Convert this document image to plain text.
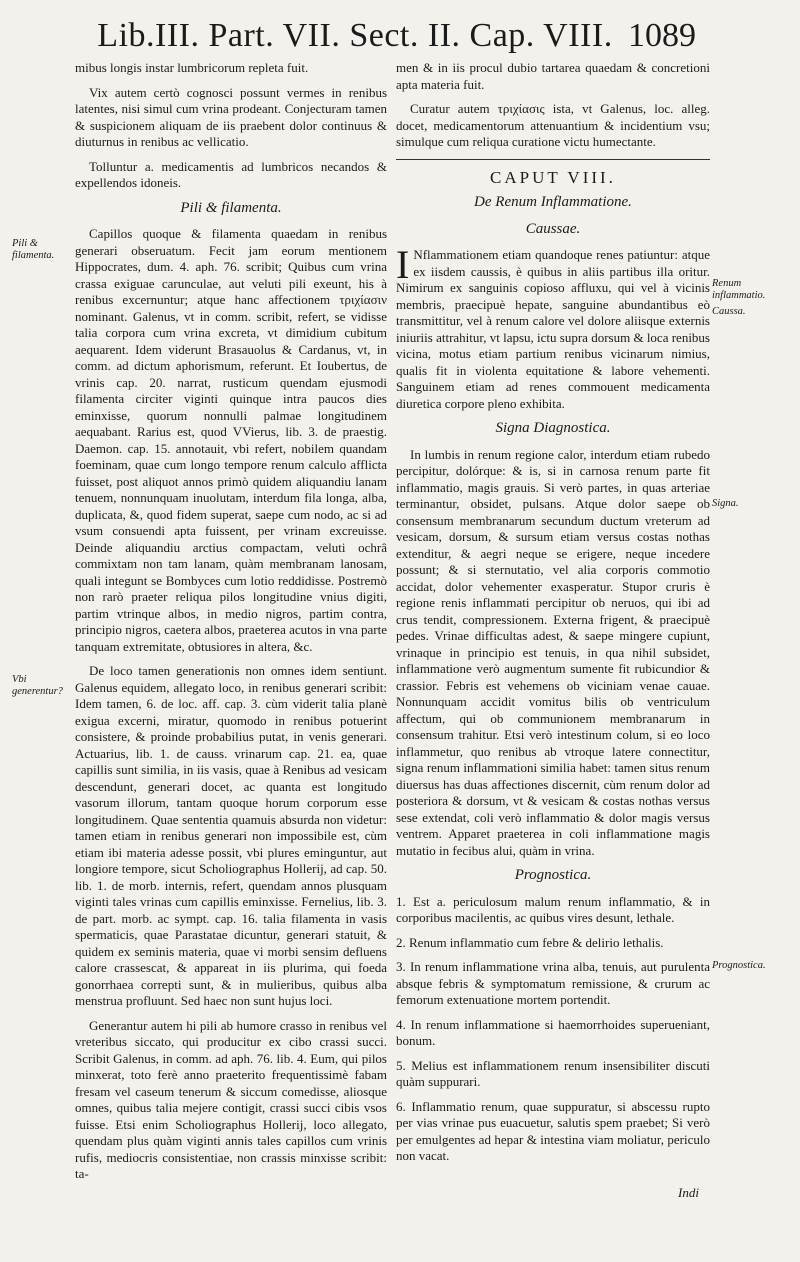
Lib.III. Part. VII. Sect. II. Cap. VIII. 1089

mibus longis instar lumbricorum repleta fuit.

Vix autem certò cognosci possunt vermes in renibus latentes, nisi simul cum vrina prodeant. Conjecturam tamen & suspicionem aliquam de iis praebent dolor continuus & diuturnus in renibus ac vellicatio.

Tolluntur a. medicamentis ad lumbricos necandos & expellendos idoneis.

Pili & filamenta.

Capillos quoque & filamenta quaedam in renibus generari obseruatum. Fecit jam eorum mentionem Hippocrates, dum. 4. aph. 76. scribit; Quibus cum vrina crassa exiguae carunculae, aut veluti pili exeunt, his à renibus excernuntur; atque hanc affectionem τριχίασιν nominant. Galenus, vt in comm. scribit, refert, se vidisse talia corpora cum vrina excreta, vt dimidium cubitum aequarent. Idem viderunt Brasauolus & Cardanus, vt, in comm. ad dictum aphorismum, referunt. Et Ioubertus, de vrinis cap. 20. narrat, rusticum quendam ejusmodi filamenta circiter viginti quinque intra paucos dies eminxisse, quorum nonnulli palmae longitudinem aequabant. Rarius est, quod VVierus, lib. 3. de praestig. Daemon. cap. 15. annotauit, vbi refert, nobilem quandam foeminam, quae cum longo tempore renum calculo afflicta fuisset, post aliquot annos primò quidem aliquandiu lanam tenuem, nonnunquam inuolutam, interdum fila longa, alba, duplicata, &, quod fidem superat, saepe cum nodo, ac si ad vsum consuendi apta fuissent, per vrinam excreuisse. Deinde aliquandiu arctius compactam, veluti ochrâ commixtam non tam lanam, quàm membranam lanosam, quali integunt se Bombyces cum lotio reddidisse. Postremò non rarò praeter reliqua pilos longitudine vnius digiti, partim vtrinque albos, in medio nigros, partim contra, principio nigros, caetera albos, praeterea acutos in vna parte tanquam extremitate, obtusiores in altera, &c.

De loco tamen generationis non omnes idem sentiunt. Galenus equidem, allegato loco, in renibus generari scribit: Idem tamen, 6. de loc. aff. cap. 3. cùm viderit talia planè exigua excerni, miratur, quomodo in renibus potuerint consistere, & proinde probabilius putat, in venis generari. Actuarius, lib. 1. de causs. vrinarum cap. 21. ea, quae capillis sunt similia, in iis vasis, quae à Renibus ad vesicam descendunt, generari docet, ac quanta est longitudo vasorum illorum, tantam quoque horum corporum esse longitudinem. Quae sententia quamuis absurda non videtur: tamen etiam in renibus generari non impossibile est, cùm etiam ibi materia adesse possit, vbi plures eminguntur, aut longiore tempore, sicut Scholiographus Hollerij, ad cap. 50. lib. 1. de morb. internis, refert, quendam annos plusquam viginti tales vrinas cum capillis eminxisse. Fernelius, lib. 3. de part. morb. ac sympt. cap. 16. talia filamenta in vasis spermaticis, quae Parastatae dicuntur, generari statuit, & quidem ex seminis materia, quae vi morbi sensim defluens calore crassescat, & appareat in iis plurima, qui foeda gonorrhaea correpti sunt, & in mulieribus, quibus alba menstrua profluunt. Sed haec non sunt hujus loci.

Generantur autem hi pili ab humore crasso in renibus vel vreteribus siccato, qui producitur ex cibo crassi succi. Scribit Galenus, in comm. ad aph. 76. lib. 4. Eum, qui pilos minxerat, toto ferè anno praeterito frequentissimè fabam fresam vel caseum tenerum & siccum comedisse, aliosque omnes, quibus talia mejere contigit, crassi succi cibis vsos fuisse. Etsi enim Scholiographus Hollerij, loco allegato, quendam plus quàm viginti annis tales capillos cum vrinis rufis, mediocris consistentiae, non crassis minxisse scribit: ta-

men & in iis procul dubio tartarea quaedam & concretioni apta materia fuit.

Curatur autem τριχίασις ista, vt Galenus, loc. alleg. docet, medicamentorum attenuantium & incidentium vsu; simulque cum reliqua curatione victu humectante.

CAPUT VIII.
De Renum Inflammatione.
Caussae.

I Nflammationem etiam quandoque renes patiuntur: atque ex iisdem caussis, è quibus in aliis partibus illa oritur. Nimirum ex sanguinis copioso affluxu, qui vel à vicinis membris, praecipuè hepate, sanguine abundantibus eò transmittitur, vel à renum calore vel dolore aliisque externis iniuriis attrahitur, vt lapsu, ictu supra dorsum & loca renibus vicina, motus etiam partium renibus vicinarum nimius, qualis fit in violenta equitatione & labore vehementi. Sanguinem etiam ad renes commouent medicamenta diuretica corpore pleno exhibita.

Signa Diagnostica.

In lumbis in renum regione calor, interdum etiam rubedo percipitur, dolórque: & is, si in carnosa renum parte fit inflammatio, magis grauis. Si verò partes, in quas arteriae terminantur, obsidet, pulsans. Atque dolor saepe ob consensum membranarum secundum ductum vreterum ad vesicam, dorsum, & sursum etiam versus costas nothas extenditur, & aegri neque se erigere, neque incedere possunt; & si sternutatio, vel alia corporis commotio accidat, dolor vehementer exasperatur. Stupor cruris è regione renis inflammati percipitur ob neruos, qui ibi ad crus tendit, compressionem. Externa frigent, & praecipuè pedes. Vrinae difficultas adest, & saepe mingere cupiunt, vrinaque in principio est tenuis, in qua nihil subsidet, inflammatione verò augmentum sumente fit rubicundior & crassior. Febris est vehemens ob viciniam venae cauae. Nonnunquam accidit vomitus bilis ob ventriculum affectum, qui ob communionem membranarum in consensum trahitur. Etsi verò intestinum colum, si eo loco inflammetur, quo renibus ab vtroque latere connectitur, signa renum inflammationi similia habet: tamen situs renum diuersus has duas affectiones discernit, cùm renum dolor ad posteriora & dorsum, vt & vesicam & costas nothas versus sese extendat, coli verò inflammatio & dolor magis versus ventrem. Apparet praeterea in coli inflammatione magis mutatio in fecibus alui, quàm in vrina.

Prognostica.

1. Est a. periculosum malum renum inflammatio, & in corporibus macilentis, ac quibus vires desunt, lethale.

2. Renum inflammatio cum febre & delirio lethalis.

3. In renum inflammatione vrina alba, tenuis, aut purulenta absque febris & symptomatum remissione, & crurum ac femorum extenuatione mortem portendit.

4. In renum inflammatione si haemorrhoides superueniant, bonum.

5. Melius est inflammationem renum insensibiliter discuti quàm suppurari.

6. Inflammatio renum, quae suppuratur, si abscessu rupto per vias vrinae pus euacuetur, salutis spem praebet; Si verò per emulgentes ad hepar & intestina viam moliatur, periculo non vacat.

Pili & filamenta.
Vbi generentur?
Renum inflammatio.
Caussa.
Signa.
Prognostica.
Indi
